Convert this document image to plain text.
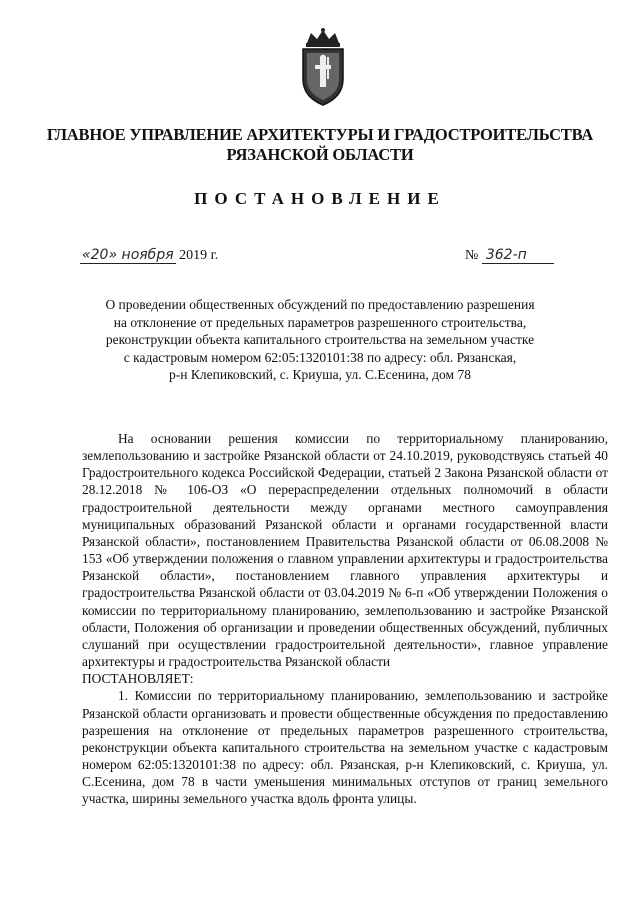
ГЛАВНОЕ УПРАВЛЕНИЕ АРХИТЕКТУРЫ И ГРАДОСТРОИТЕЛЬСТВА
РЯЗАНСКОЙ ОБЛАСТИ
ПОСТАНОВЛЕНИЕ
«20» ноября 2019 г.	№ 362-п
О проведении общественных обсуждений по предоставлению разрешения
на отклонение от предельных параметров разрешенного строительства,
реконструкции объекта капитального строительства на земельном участке
с кадастровым номером 62:05:1320101:38 по адресу: обл. Рязанская,
р-н Клепиковский, с. Криуша, ул. С.Есенина, дом 78

На основании решения комиссии по территориальному планированию, землепользованию и застройке Рязанской области от 24.10.2019, руководствуясь статьей 40 Градостроительного кодекса Российской Федерации, статьей 2 Закона Рязанской области от 28.12.2018 № 106-ОЗ «О перераспределении отдельных полномочий в области градостроительной деятельности между органами местного самоуправления муниципальных образований Рязанской области и органами государственной власти Рязанской области», постановлением Правительства Рязанской области от 06.08.2008 № 153 «Об утверждении положения о главном управлении архитектуры и градостроительства Рязанской области», постановлением главного управления архитектуры и градостроительства Рязанской области от 03.04.2019 № 6-п «Об утверждении Положения о комиссии по территориальному планированию, землепользованию и застройке Рязанской области, Положения об организации и проведении общественных обсуждений, публичных слушаний при осуществлении градостроительной деятельности», главное управление архитектуры и градостроительства Рязанской области

ПОСТАНОВЛЯЕТ:

1. Комиссии по территориальному планированию, землепользованию и застройке Рязанской области организовать и провести общественные обсуждения по предоставлению разрешения на отклонение от предельных параметров разрешенного строительства, реконструкции объекта капитального строительства на земельном участке с кадастровым номером 62:05:1320101:38 по адресу: обл. Рязанская, р-н Клепиковский, с. Криуша, ул. С.Есенина, дом 78 в части уменьшения минимальных отступов от границ земельного участка, ширины земельного участка вдоль фронта улицы.
